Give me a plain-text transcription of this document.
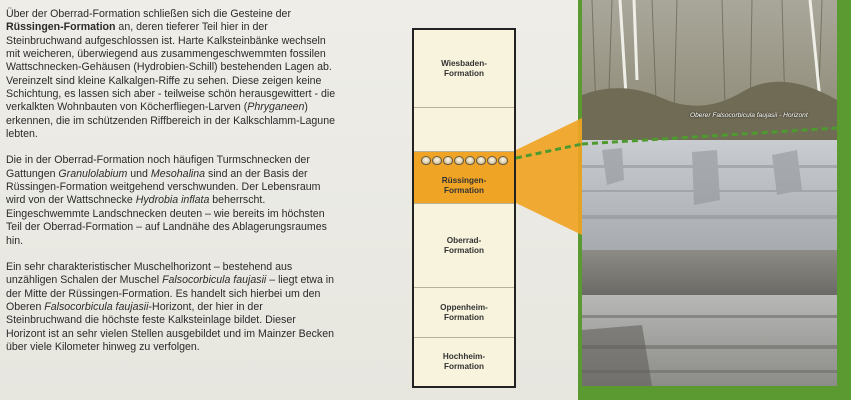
Über der Oberrad-Formation schließen sich die Gesteine der Rüssingen-Formation an, deren tieferer Teil hier in der Steinbruchwand aufgeschlossen ist. Harte Kalksteinbänke wechseln mit weicheren, überwiegend aus zusammengeschwemmten fossilen Wattschnecken-Gehäusen (Hydrobien-Schill) bestehenden Lagen ab. Vereinzelt sind kleine Kalkalgen-Riffe zu sehen. Diese zeigen keine Schichtung, es lassen sich aber - teilweise schön herausgewittert - die verkalkten Wohnbauten von Köcherfliegen-Larven (Phryganeen) erkennen, die im schützenden Riffbereich in der Kalkschlamm-Lagune lebten.

Die in der Oberrad-Formation noch häufigen Turmschnecken der Gattungen Granulolabium und Mesohalina sind an der Basis der Rüssingen-Formation weitgehend verschwunden. Der Lebensraum wird von der Wattschnecke Hydrobia inflata beherrscht. Eingeschwemmte Landschnecken deuten – wie bereits im höchsten Teil der Oberrad-Formation – auf Landnähe des Ablagerungsraumes hin.

Ein sehr charakteristischer Muschelhorizont – bestehend aus unzähligen Schalen der Muschel Falsocorbicula faujasii – liegt etwa in der Mitte der Rüssingen-Formation. Es handelt sich hierbei um den Oberen Falsocorbicula faujasii-Horizont, der hier in der Steinbruchwand die höchste feste Kalksteinlage bildet. Dieser Horizont ist an sehr vielen Stellen ausgebildet und im Mainzer Becken über viele Kilometer hinweg zu verfolgen.

Wiesbaden-
Formation
Rüssingen-
Formation
Oberrad-
Formation
Oppenheim-
Formation
Hochheim-
Formation
Oberer Falsocorbicula faujasii - Horizont
